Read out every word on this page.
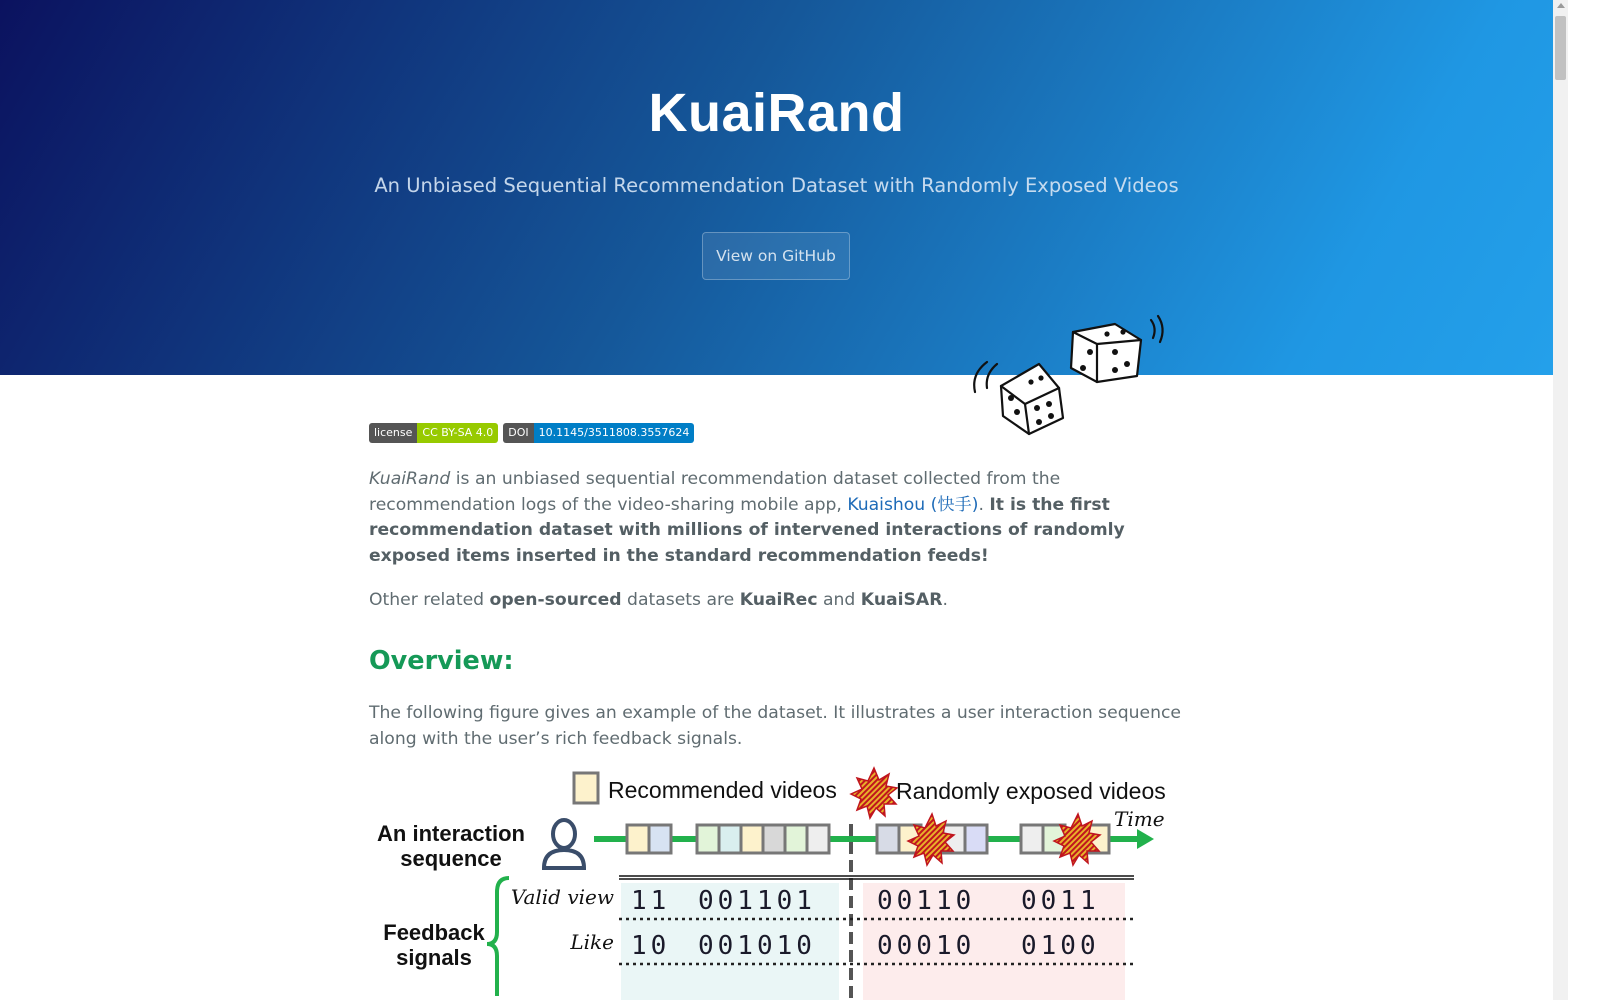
KuaiRand
An Unbiased Sequential Recommendation Dataset with Randomly Exposed Videos
View on GitHub
license CC BY-SA 4.0	DOI 10.1145/3511808.3557624

KuaiRand is an unbiased sequential recommendation dataset collected from the recommendation logs of the video-sharing mobile app, Kuaishou (快手). It is the first recommendation dataset with millions of intervened interactions of randomly exposed items inserted in the standard recommendation feeds!

Other related open-sourced datasets are KuaiRec and KuaiSAR.

Overview:

The following figure gives an example of the dataset. It illustrates a user interaction sequence along with the user’s rich feedback signals.

Recommended videos	Randomly exposed videos
An interaction
sequence
Time
Feedback
signals
Valid view
Like
11 001101 00110 0011
10 001010 00010 0100
